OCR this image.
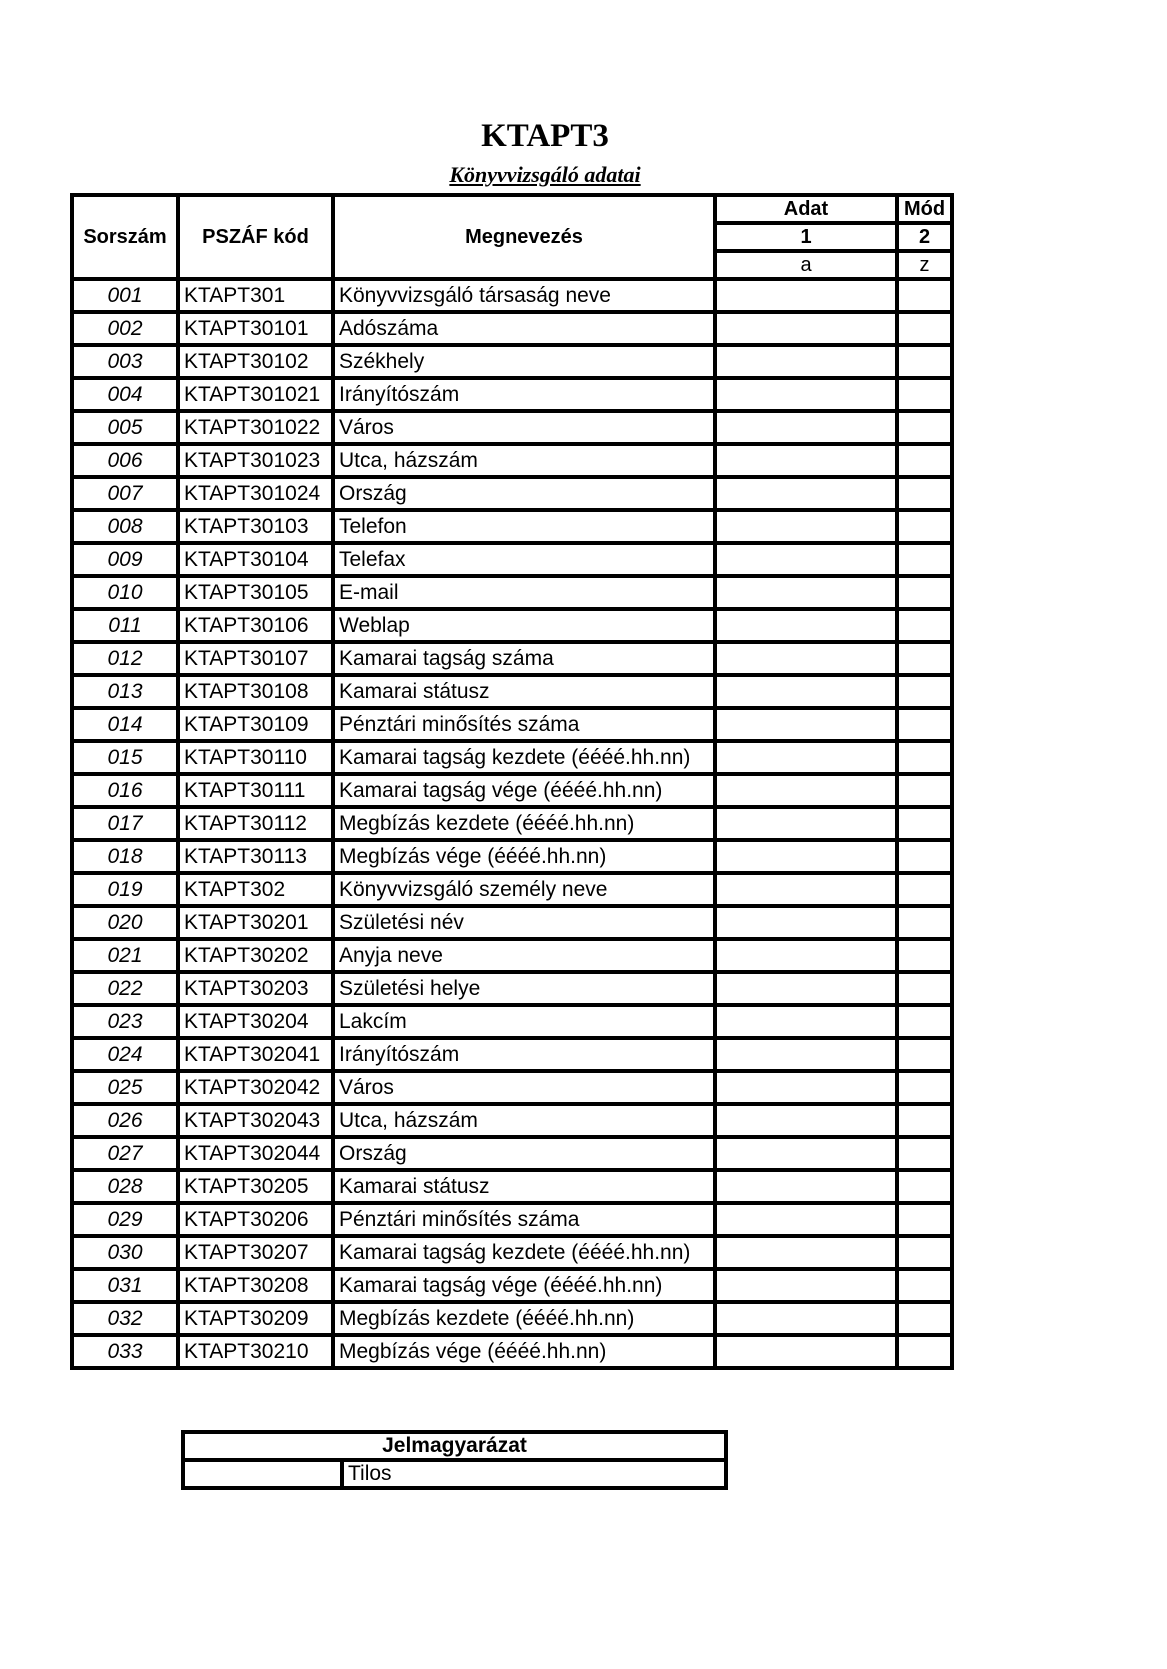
KTAPT3
Könyvvizsgáló adatai
Sorszám	PSZÁF kód	Megnevezés	Adat	Mód
			1	2
			a	z
001	KTAPT301	Könyvvizsgáló társaság neve		
002	KTAPT30101	Adószáma		
003	KTAPT30102	Székhely		
004	KTAPT301021	Irányítószám		
005	KTAPT301022	Város		
006	KTAPT301023	Utca, házszám		
007	KTAPT301024	Ország		
008	KTAPT30103	Telefon		
009	KTAPT30104	Telefax		
010	KTAPT30105	E-mail		
011	KTAPT30106	Weblap		
012	KTAPT30107	Kamarai tagság száma		
013	KTAPT30108	Kamarai státusz		
014	KTAPT30109	Pénztári minősítés száma		
015	KTAPT30110	Kamarai tagság kezdete (éééé.hh.nn)		
016	KTAPT30111	Kamarai tagság vége (éééé.hh.nn)		
017	KTAPT30112	Megbízás kezdete (éééé.hh.nn)		
018	KTAPT30113	Megbízás vége (éééé.hh.nn)		
019	KTAPT302	Könyvvizsgáló személy neve		
020	KTAPT30201	Születési név		
021	KTAPT30202	Anyja neve		
022	KTAPT30203	Születési helye		
023	KTAPT30204	Lakcím		
024	KTAPT302041	Irányítószám		
025	KTAPT302042	Város		
026	KTAPT302043	Utca, házszám		
027	KTAPT302044	Ország		
028	KTAPT30205	Kamarai státusz		
029	KTAPT30206	Pénztári minősítés száma		
030	KTAPT30207	Kamarai tagság kezdete (éééé.hh.nn)		
031	KTAPT30208	Kamarai tagság vége (éééé.hh.nn)		
032	KTAPT30209	Megbízás kezdete (éééé.hh.nn)		
033	KTAPT30210	Megbízás vége (éééé.hh.nn)		
Jelmagyarázat
	Tilos
